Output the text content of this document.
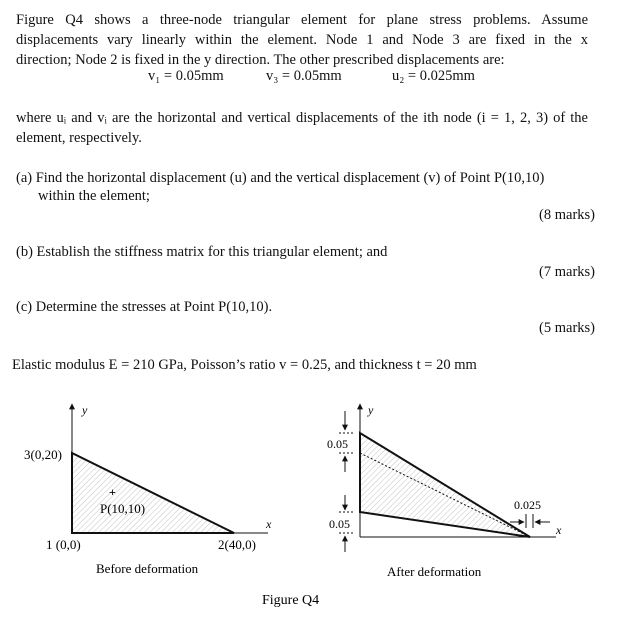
Figure Q4 shows a three-node triangular element for plane stress problems. Assume
displacements vary linearly within the element. Node 1 and Node 3 are fixed in the x
direction; Node 2 is fixed in the y direction. The other prescribed displacements are:
v₁ = 0.05mm	v₃ = 0.05mm	u₂ = 0.025mm
where uᵢ and vᵢ are the horizontal and vertical displacements of the ith node (i = 1, 2, 3) of the
element, respectively.
(a) Find the horizontal displacement (u) and the vertical displacement (v) of Point P(10,10)
within the element;
(8 marks)
(b) Establish the stiffness matrix for this triangular element; and
(7 marks)
(c) Determine the stresses at Point P(10,10).
(5 marks)
Elastic modulus E = 210 GPa, Poisson’s ratio v = 0.25, and thickness t = 20 mm
y
x
3(0,20)
1 (0,0)	2(40,0)
+
P(10,10)
Before deformation
y
x
0.05
0.05
0.025
After deformation
Figure Q4
